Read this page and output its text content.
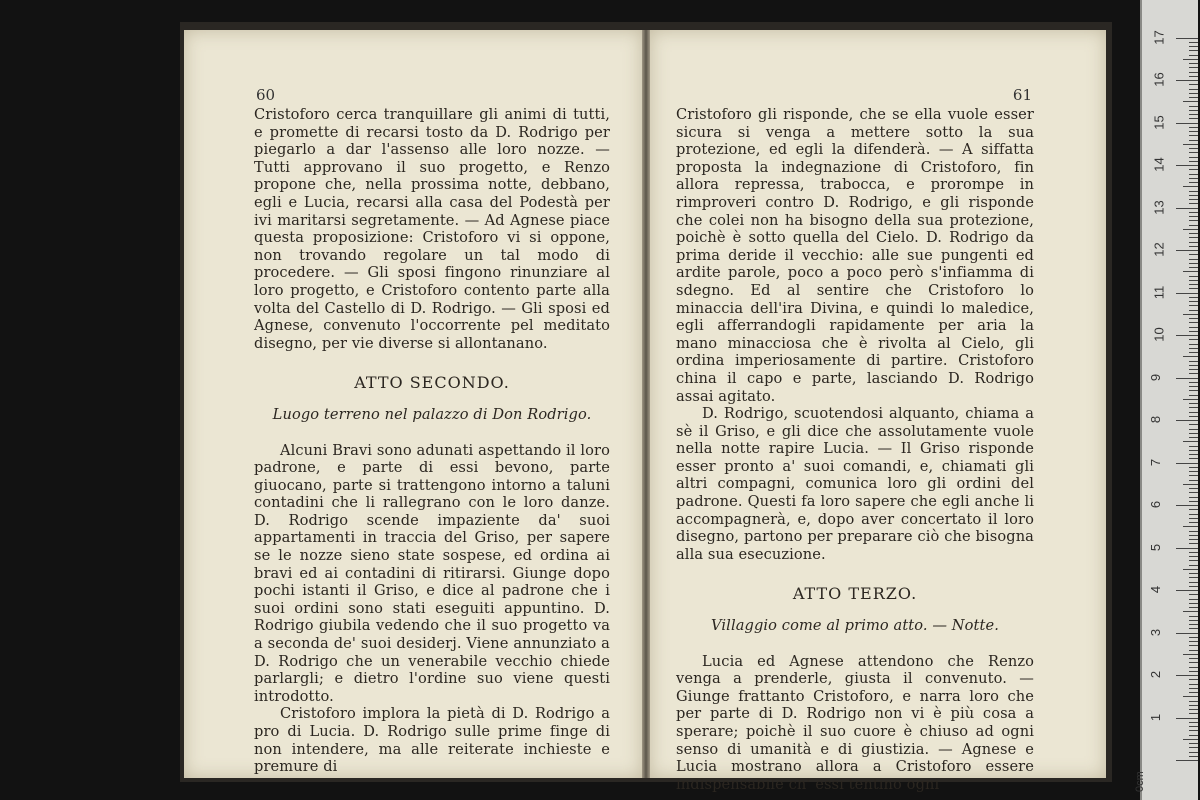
60

Cristoforo cerca tranquillare gli animi di tutti, e promette di recarsi tosto da D. Rodrigo per piegarlo a dar l'assenso alle loro nozze. — Tutti approvano il suo progetto, e Renzo propone che, nella prossima notte, debbano, egli e Lucia, recarsi alla casa del Podestà per ivi maritarsi segretamente. — Ad Agnese piace questa proposizione: Cristoforo vi si oppone, non trovando regolare un tal modo di procedere. — Gli sposi fingono rinunziare al loro progetto, e Cristoforo contento parte alla volta del Castello di D. Rodrigo. — Gli sposi ed Agnese, convenuto l'occorrente pel meditato disegno, per vie diverse si allontanano.

ATTO SECONDO.
Luogo terreno nel palazzo di Don Rodrigo.

Alcuni Bravi sono adunati aspettando il loro padrone, e parte di essi bevono, parte giuocano, parte si trattengono intorno a taluni contadini che li rallegrano con le loro danze. D. Rodrigo scende impaziente da' suoi appartamenti in traccia del Griso, per sapere se le nozze sieno state sospese, ed ordina ai bravi ed ai contadini di ritirarsi. Giunge dopo pochi istanti il Griso, e dice al padrone che i suoi ordini sono stati eseguiti appuntino. D. Rodrigo giubila vedendo che il suo progetto va a seconda de' suoi desiderj. Viene annunziato a D. Rodrigo che un venerabile vecchio chiede parlargli; e dietro l'ordine suo viene questi introdotto.

Cristoforo implora la pietà di D. Rodrigo a pro di Lucia. D. Rodrigo sulle prime finge di non intendere, ma alle reiterate inchieste e premure di

61

Cristoforo gli risponde, che se ella vuole esser sicura si venga a mettere sotto la sua protezione, ed egli la difenderà. — A siffatta proposta la indegnazione di Cristoforo, fin allora repressa, trabocca, e prorompe in rimproveri contro D. Rodrigo, e gli risponde che colei non ha bisogno della sua protezione, poichè è sotto quella del Cielo. D. Rodrigo da prima deride il vecchio: alle sue pungenti ed ardite parole, poco a poco però s'infiamma di sdegno. Ed al sentire che Cristoforo lo minaccia dell'ira Divina, e quindi lo maledice, egli afferrandogli rapidamente per aria la mano minacciosa che è rivolta al Cielo, gli ordina imperiosamente di partire. Cristoforo china il capo e parte, lasciando D. Rodrigo assai agitato.

D. Rodrigo, scuotendosi alquanto, chiama a sè il Griso, e gli dice che assolutamente vuole nella notte rapire Lucia. — Il Griso risponde esser pronto a' suoi comandi, e, chiamati gli altri compagni, comunica loro gli ordini del padrone. Questi fa loro sapere che egli anche li accompagnerà, e, dopo aver concertato il loro disegno, partono per preparare ciò che bisogna alla sua esecuzione.

ATTO TERZO.
Villaggio come al primo atto. — Notte.

Lucia ed Agnese attendono che Renzo venga a prenderle, giusta il convenuto. — Giunge frattanto Cristoforo, e narra loro che per parte di D. Rodrigo non vi è più cosa a sperare; poichè il suo cuore è chiuso ad ogni senso di umanità e di giustizia. — Agnese e Lucia mostrano allora a Cristoforo essere indispensabile ch' essi tentino ogni	0cm
1
2
3
4
5
6
7
8
9
10
11
12
13
14
15
16
17
